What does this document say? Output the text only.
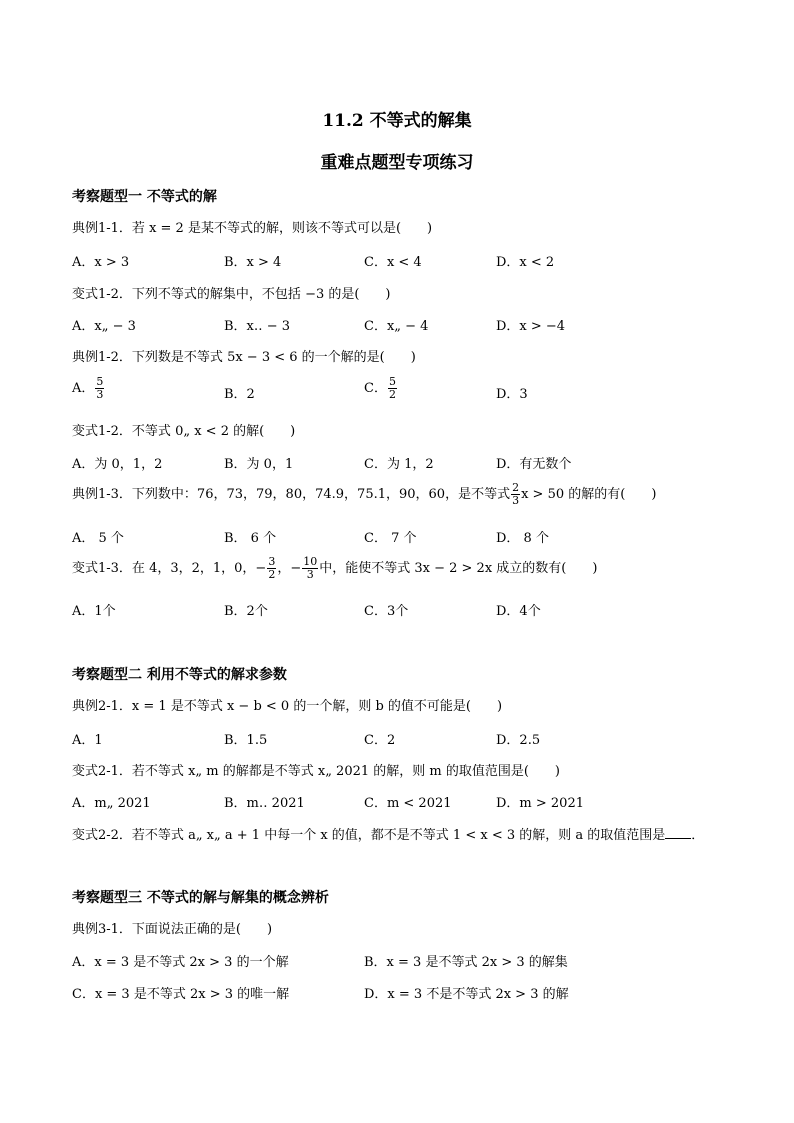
11.2 不等式的解集
重难点题型专项练习
考察题型一 不等式的解
典例1-1．若 x = 2 是某不等式的解，则该不等式可以是(　　)
A．x > 3	B．x > 4	C．x < 4	D．x < 2
变式1-2．下列不等式的解集中，不包括 −3 的是(　　)
A．x„ − 3	B．x‥ − 3	C．x„ − 4	D．x > −4
典例1-2．下列数是不等式 5x − 3 < 6 的一个解的是(　　)
A． $\frac{5}{3}$	B．2	C． $\frac{5}{2}$	D．3
变式1-2．不等式 0„ x < 2 的解(　　)
A．为 0，1，2	B．为 0，1	C．为 1，2	D．有无数个
典例1-3．下列数中：76，73，79，80，74.9，75.1，90，60，是不等式 $\frac{2}{3}$ x > 50 的解的有(　　)
A． 5 个	B． 6 个	C． 7 个	D． 8 个
变式1-3．在 4，3，2，1，0，− $\frac{3}{2}$ ，− $\frac{10}{3}$ 中，能使不等式 3x − 2 > 2x 成立的数有(　　)
A．1个	B．2个	C．3个	D．4个
考察题型二 利用不等式的解求参数
典例2-1．x = 1 是不等式 x − b < 0 的一个解，则 b 的值不可能是(　　)
A．1	B．1.5	C．2	D．2.5
变式2-1．若不等式 x„ m 的解都是不等式 x„ 2021 的解，则 m 的取值范围是(　　)
A．m„ 2021	B．m‥ 2021	C．m < 2021	D．m > 2021
变式2-2．若不等式 a„ x„ a + 1 中每一个 x 的值，都不是不等式 1 < x < 3 的解，则 a 的取值范围是 ．
考察题型三 不等式的解与解集的概念辨析
典例3-1．下面说法正确的是(　　)
A．x = 3 是不等式 2x > 3 的一个解	B．x = 3 是不等式 2x > 3 的解集
C．x = 3 是不等式 2x > 3 的唯一解	D．x = 3 不是不等式 2x > 3 的解
